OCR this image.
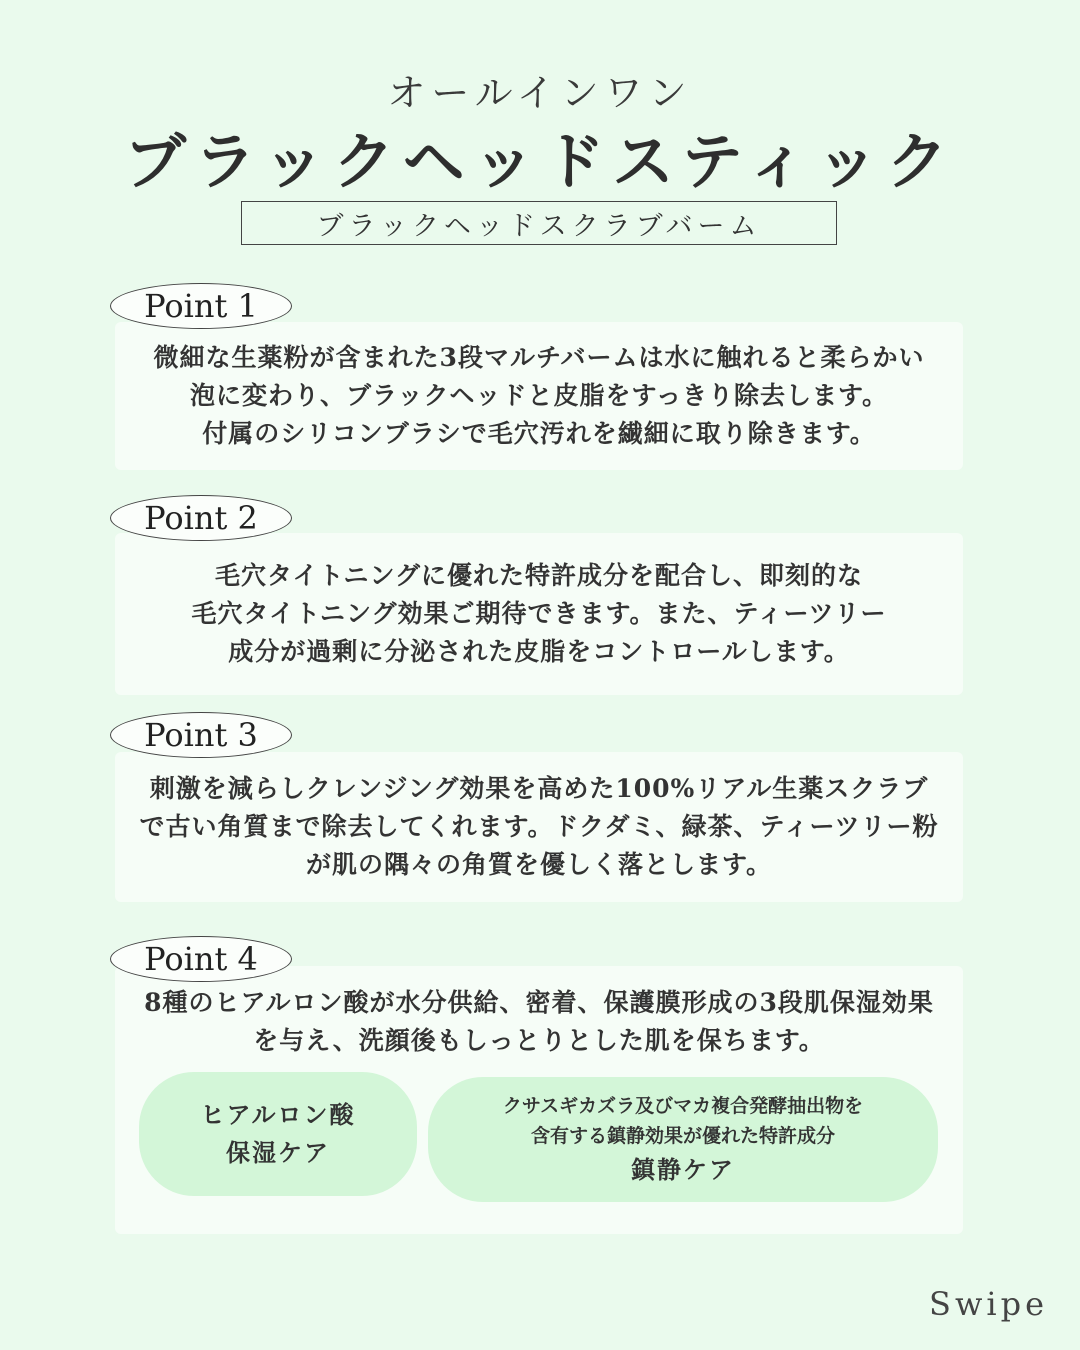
オールインワン
ブラックヘッドスティック
ブラックヘッドスクラブバーム

微細な生薬粉が含まれた3段マルチバームは水に触れると柔らかい

泡に変わり、ブラックヘッドと皮脂をすっきり除去します。

付属のシリコンブラシで毛穴汚れを繊細に取り除きます。

Point 1

毛穴タイトニングに優れた特許成分を配合し、即刻的な

毛穴タイトニング効果ご期待できます。また、ティーツリー

成分が過剰に分泌された皮脂をコントロールします。

Point 2

刺激を減らしクレンジング効果を高めた100%リアル生薬スクラブ

で古い角質まで除去してくれます。ドクダミ、緑茶、ティーツリー粉

が肌の隅々の角質を優しく落とします。

Point 3

8種のヒアルロン酸が水分供給、密着、保護膜形成の3段肌保湿効果

を与え、洗顔後もしっとりとした肌を保ちます。

Point 4
ヒアルロン酸
保湿ケア
クサスギカズラ及びマカ複合発酵抽出物を
含有する鎮静効果が優れた特許成分
鎮静ケア
Swipe
